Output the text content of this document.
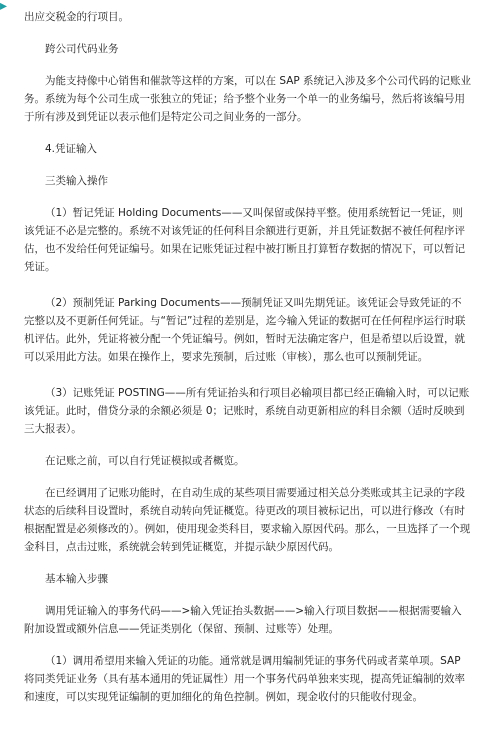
▸

出应交税金的行项目。

跨公司代码业务

为能支持像中心销售和催款等这样的方案，可以在 SAP 系统记入涉及多个公司代码的记账业务。系统为每个公司生成一张独立的凭证；给予整个业务一个单一的业务编号，然后将该编号用于所有涉及到凭证以表示他们是特定公司之间业务的一部分。

4.凭证输入

三类输入操作

（1）暂记凭证 Holding Documents——又叫保留或保持平整。使用系统暂记一凭证，则该凭证不必是完整的。系统不对该凭证的任何科目余额进行更新，并且凭证数据不被任何程序评估，也不发给任何凭证编号。如果在记账凭证过程中被打断且打算暂存数据的情况下，可以暂记凭证。

（2）预制凭证 Parking Documents——预制凭证又叫先期凭证。该凭证会导致凭证的不完整以及不更新任何凭证。与“暂记”过程的差别是，迄今输入凭证的数据可在任何程序运行时联机评估。此外，凭证将被分配一个凭证编号。例如，暂时无法确定客户，但是希望以后设置，就可以采用此方法。如果在操作上，要求先预制，后过账（审核），那么也可以预制凭证。

（3）记账凭证 POSTING——所有凭证抬头和行项目必输项目都已经正确输入时，可以记账该凭证。此时，借贷分录的余额必须是 0；记账时，系统自动更新相应的科目余额（适时反映到三大报表）。

在记账之前，可以自行凭证模拟或者概览。

在已经调用了记账功能时，在自动生成的某些项目需要通过相关总分类账或其主记录的字段状态的后续科目设置时，系统自动转向凭证概览。待更改的项目被标记出，可以进行修改（有时根据配置是必须修改的）。例如，使用现金类科目，要求输入原因代码。那么，一旦选择了一个现金科目，点击过账，系统就会转到凭证概览，并提示缺少原因代码。

基本输入步骤

调用凭证输入的事务代码——>输入凭证抬头数据——>输入行项目数据——根据需要输入附加设置或额外信息——凭证类别化（保留、预制、过账等）处理。

（1）调用希望用来输入凭证的功能。通常就是调用编制凭证的事务代码或者菜单项。SAP 将同类凭证业务（具有基本通用的凭证属性）用一个事务代码单独来实现，提高凭证编制的效率和速度，可以实现凭证编制的更加细化的角色控制。例如，现金收付的只能收付现金。
